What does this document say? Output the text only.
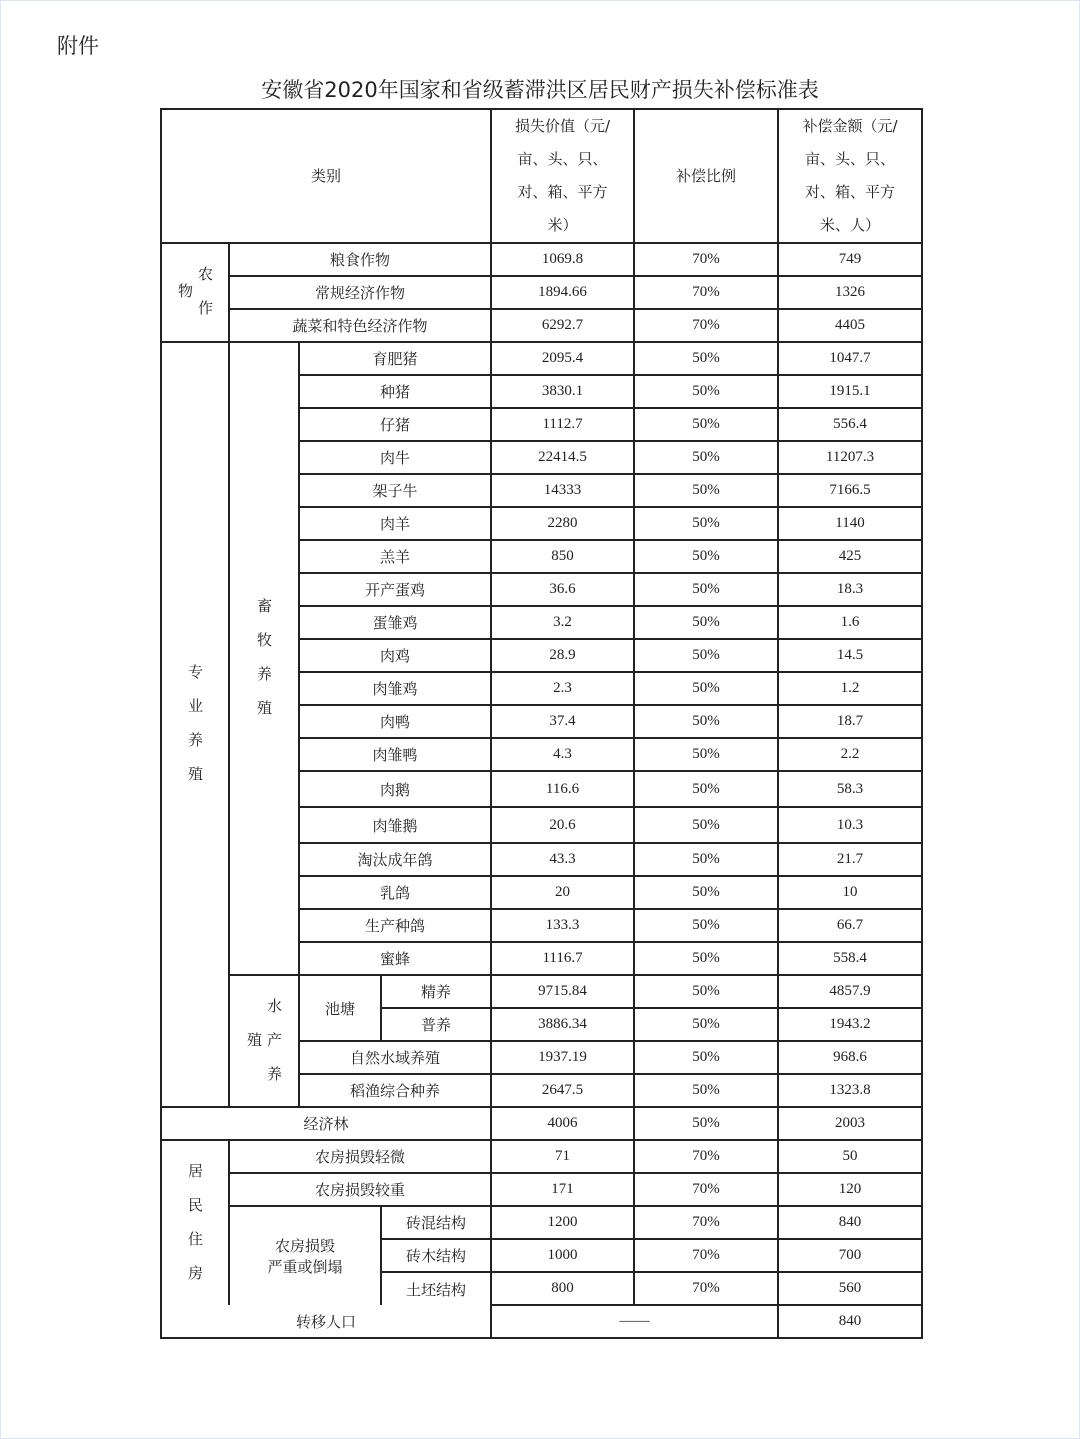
附件
安徽省2020年国家和省级蓄滞洪区居民财产损失补偿标准表
类别				损失价值（元/
亩、头、只、
对、箱、平方
米）	补偿比例	补偿金额（元/
亩、头、只、
对、箱、平方
米、人）
农作物	粮食作物			1069.8	70%	749
	常规经济作物			1894.66	70%	1326
	蔬菜和特色经济作物			6292.7	70%	4405
专业养殖	畜牧养殖	育肥猪		2095.4	50%	1047.7
		种猪		3830.1	50%	1915.1
		仔猪		1112.7	50%	556.4
		肉牛		22414.5	50%	11207.3
		架子牛		14333	50%	7166.5
		肉羊		2280	50%	1140
		羔羊		850	50%	425
		开产蛋鸡		36.6	50%	18.3
		蛋雏鸡		3.2	50%	1.6
		肉鸡		28.9	50%	14.5
		肉雏鸡		2.3	50%	1.2
		肉鸭		37.4	50%	18.7
		肉雏鸭		4.3	50%	2.2
		肉鹅		116.6	50%	58.3
		肉雏鹅		20.6	50%	10.3
		淘汰成年鸽		43.3	50%	21.7
		乳鸽		20	50%	10
		生产种鸽		133.3	50%	66.7
		蜜蜂		1116.7	50%	558.4
	水产养殖	池塘	精养	9715.84	50%	4857.9
			普养	3886.34	50%	1943.2
		自然水域养殖		1937.19	50%	968.6
		稻渔综合种养		2647.5	50%	1323.8
经济林				4006	50%	2003
居民住房	农房损毁轻微			71	70%	50
	农房损毁较重			171	70%	120
	农房损毁
严重或倒塌		砖混结构	1200	70%	840
			砖木结构	1000	70%	700
			土坯结构	800	70%	560
转移人口				——		840
